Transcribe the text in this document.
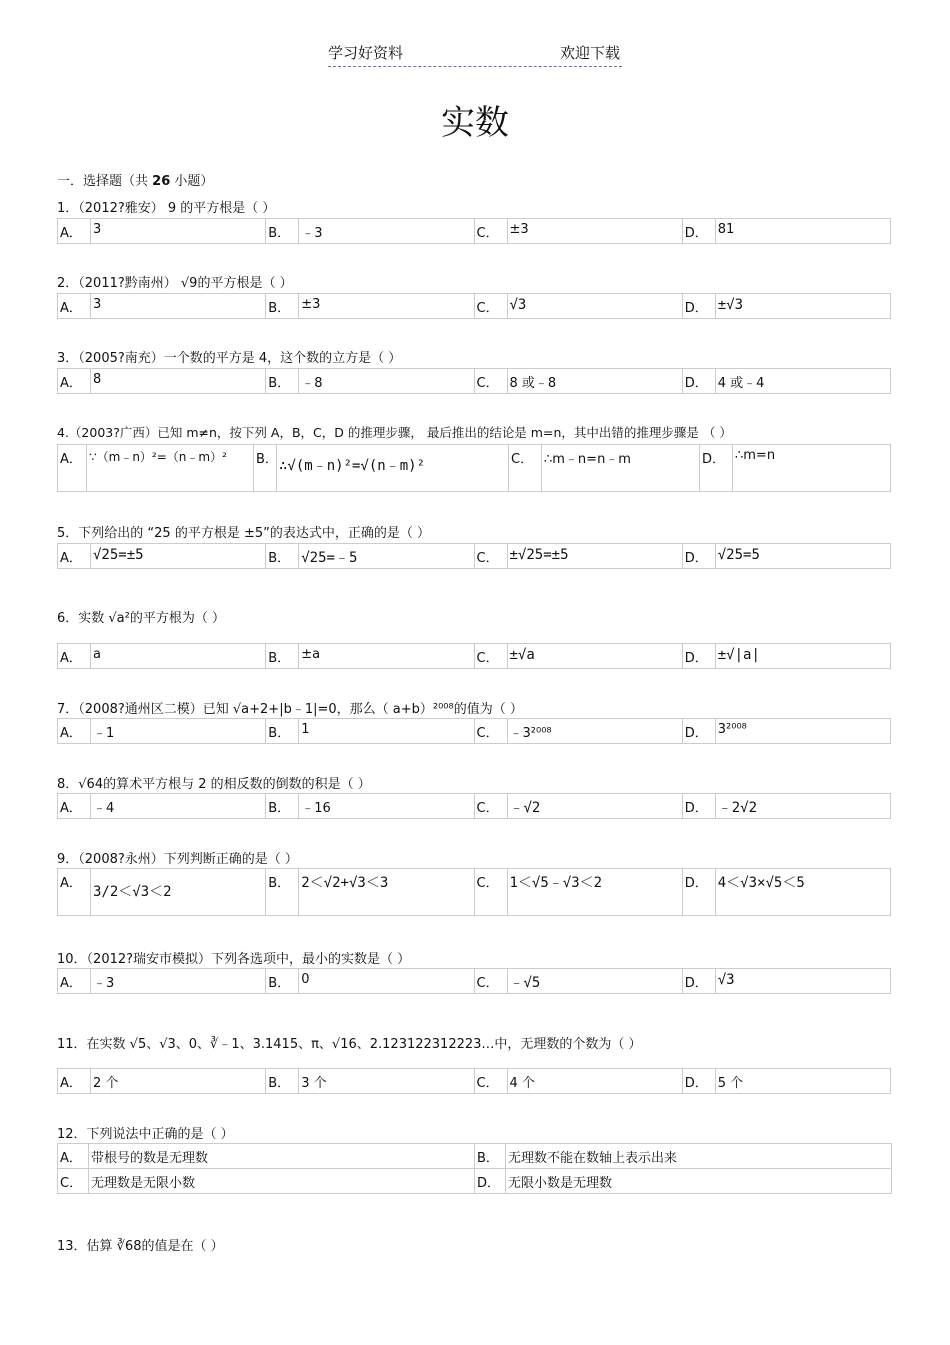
学习好资料	欢迎下载
实数
一．选择题（共 26 小题）
1．（2012?雅安） 9 的平方根是（ ）
A． 3	B． ﹣3	C． ±3	D． 81
2．（2011?黔南州） √9的平方根是（ ）
A． 3	B． ±3	C． √3	D． ±√3
3．（2005?南充）一个数的平方是 4，这个数的立方是（ ）
A． 8	B． ﹣8	C． 8 或﹣8	D． 4 或﹣4
4.（2003?广西）已知 m≠n，按下列 A，B，C，D 的推理步骤， 最后推出的结论是 m=n，其中出错的推理步骤是 （ ）
A． ∵（m﹣n）²=（n﹣m）² B． ∴√(m﹣n)²=√(n﹣m)²	C． ∴m﹣n=n﹣m	D． ∴m=n
5．下列给出的 “25 的平方根是 ±5”的表达式中，正确的是（ ）
A． √25=±5	B． √25=﹣5	C． ±√25=±5	D． √25=5
6．实数 √a²的平方根为（ ）
A． a	B． ±a	C． ±√a	D． ±√|a|
7．（2008?通州区二模）已知 √a+2+|b﹣1|=0，那么（ a+b）²⁰⁰⁸的值为（ ）
A． ﹣1	B． 1	C． ﹣3²⁰⁰⁸	D． 3²⁰⁰⁸
8．√64的算术平方根与 2 的相反数的倒数的积是（ ）
A． ﹣4	B． ﹣16	C． ﹣√2	D． ﹣2√2
9．（2008?永州）下列判断正确的是（ ）
A．
3/2＜√3＜2
B． 2＜√2+√3＜3	C． 1＜√5﹣√3＜2	D． 4＜√3×√5＜5
10．（2012?瑞安市模拟）下列各选项中，最小的实数是（ ）
A． ﹣3	B． 0	C． ﹣√5	D． √3
11．在实数 √5、√3、0、∛﹣1、3.1415、π、√16、2.123122312223…中，无理数的个数为（ ）
A． 2 个	B． 3 个	C． 4 个	D． 5 个
12．下列说法中正确的是（ ）
A． 带根号的数是无理数	B． 无理数不能在数轴上表示出来
C． 无理数是无限小数	D． 无限小数是无理数
13．估算 ∛68的值是在（ ）
